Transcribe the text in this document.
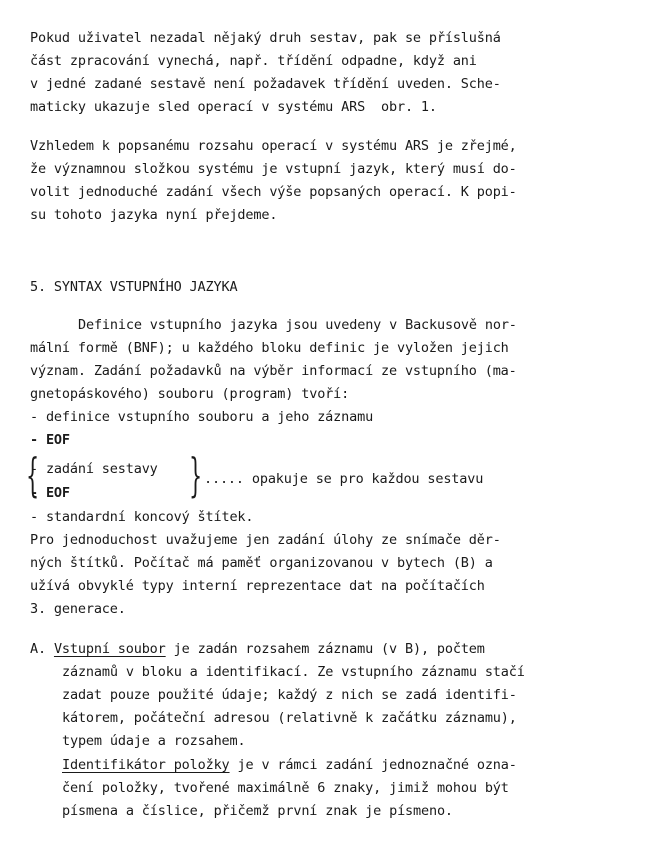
Pokud uživatel nezadal nějaký druh sestav, pak se příslušná
část zpracování vynechá, např. třídění odpadne, když ani
v jedné zadané sestavě není požadavek třídění uveden. Sche-
maticky ukazuje sled operací v systému ARS  obr. 1.
Vzhledem k popsanému rozsahu operací v systému ARS je zřejmé,
že významnou složkou systému je vstupní jazyk, který musí do-
volit jednoduché zadání všech výše popsaných operací. K popi-
su tohoto jazyka nyní přejdeme.
5. SYNTAX VSTUPNÍHO JAZYKA
Definice vstupního jazyka jsou uvedeny v Backusově nor-
mální formě (BNF); u každého bloku definic je vyložen jejich
význam. Zadání požadavků na výběr informací ze vstupního (ma-
gnetopáskového) souboru (program) tvoří:
- definice vstupního souboru a jeho záznamu
- EOF
{
- zadání sestavy
- EOF	} ..... opakuje se pro každou sestavu
- standardní koncový štítek.
Pro jednoduchost uvažujeme jen zadání úlohy ze snímače děr-
ných štítků. Počítač má paměť organizovanou v bytech (B) a
užívá obvyklé typy interní reprezentace dat na počítačích
3. generace.
A. Vstupní soubor je zadán rozsahem záznamu (v B), počtem
záznamů v bloku a identifikací. Ze vstupního záznamu stačí
zadat pouze použité údaje; každý z nich se zadá identifi-
kátorem, počáteční adresou (relativně k začátku záznamu),
typem údaje a rozsahem.
Identifikátor položky je v rámci zadání jednoznačné ozna-
čení položky, tvořené maximálně 6 znaky, jimiž mohou být
písmena a číslice, přičemž první znak je písmeno.
